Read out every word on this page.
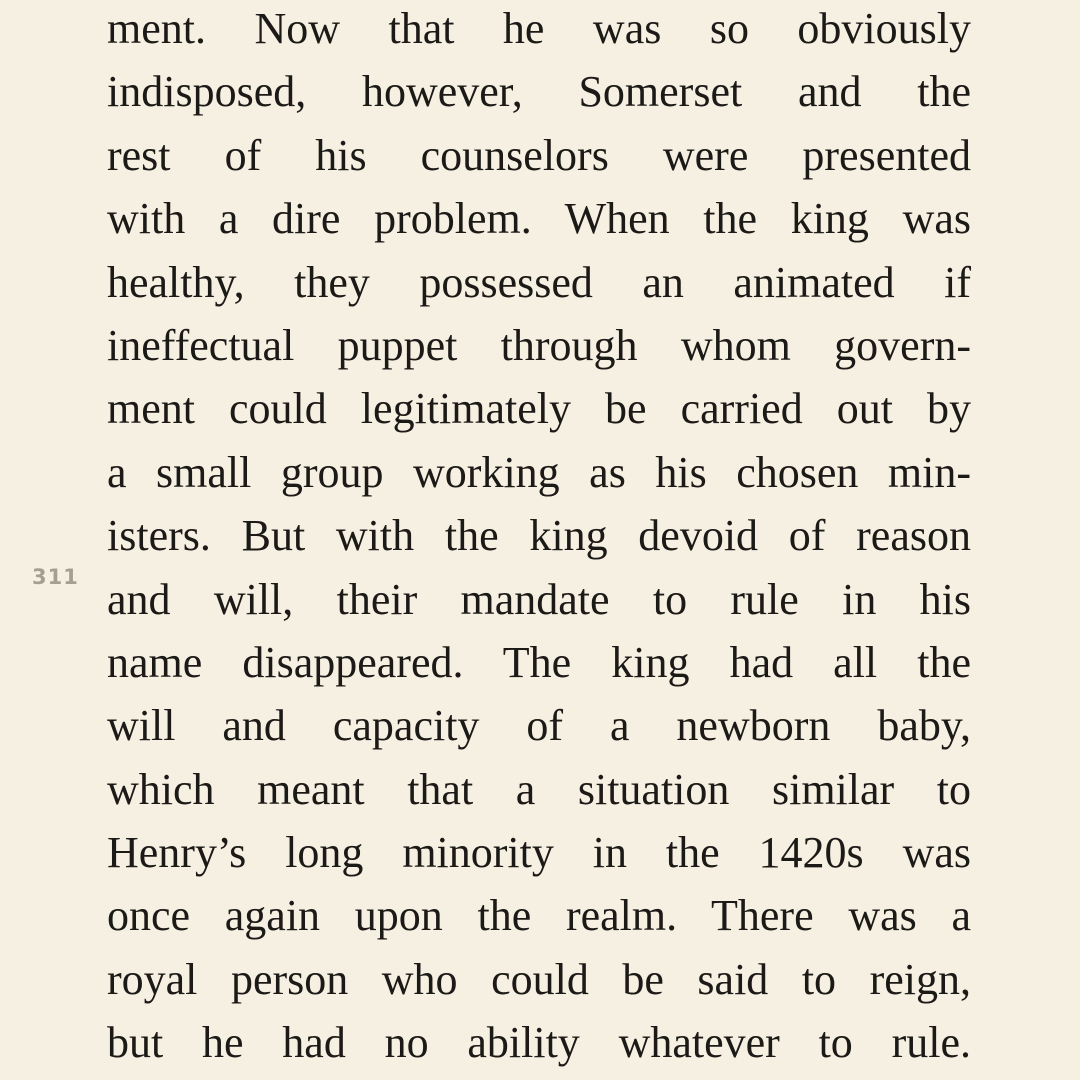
311
ment. Now that he was so obviously
indisposed, however, Somerset and the
rest of his counselors were presented
with a dire problem. When the king was
healthy, they possessed an animated if
ineffectual puppet through whom govern-
ment could legitimately be carried out by
a small group working as his chosen min-
isters. But with the king devoid of reason
and will, their mandate to rule in his
name disappeared. The king had all the
will and capacity of a newborn baby,
which meant that a situation similar to
Henry’s long minority in the 1420s was
once again upon the realm. There was a
royal person who could be said to reign,
but he had no ability whatever to rule.
